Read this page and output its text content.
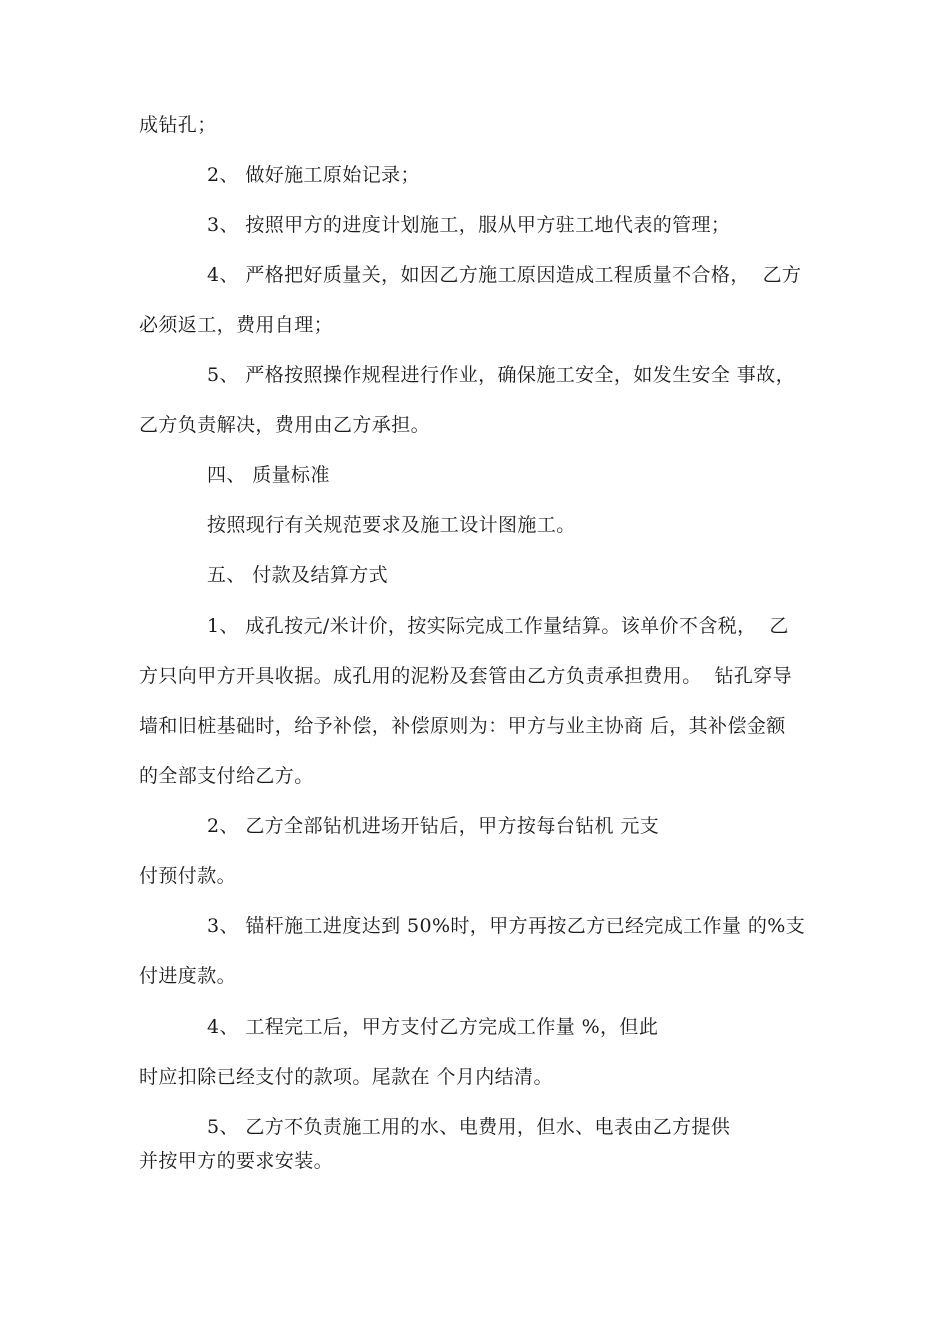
成钻孔；
2、 做好施工原始记录；
3、 按照甲方的进度计划施工，服从甲方驻工地代表的管理；
4、 严格把好质量关，如因乙方施工原因造成工程质量不合格，  乙方
必须返工，费用自理；
5、 严格按照操作规程进行作业，确保施工安全，如发生安全 事故，
乙方负责解决，费用由乙方承担。
四、 质量标准
按照现行有关规范要求及施工设计图施工。
五、 付款及结算方式
1、 成孔按元/米计价，按实际完成工作量结算。该单价不含税，  乙
方只向甲方开具收据。成孔用的泥粉及套管由乙方负责承担费用。  钻孔穿导
墙和旧桩基础时，给予补偿，补偿原则为：甲方与业主协商 后，其补偿金额
的全部支付给乙方。
2、 乙方全部钻机进场开钻后，甲方按每台钻机 元支
付预付款。
3、 锚杆施工进度达到 50%时，甲方再按乙方已经完成工作量 的%支
付进度款。
4、 工程完工后，甲方支付乙方完成工作量 %，但此
时应扣除已经支付的款项。尾款在 个月内结清。
5、 乙方不负责施工用的水、电费用，但水、电表由乙方提供
并按甲方的要求安装。
